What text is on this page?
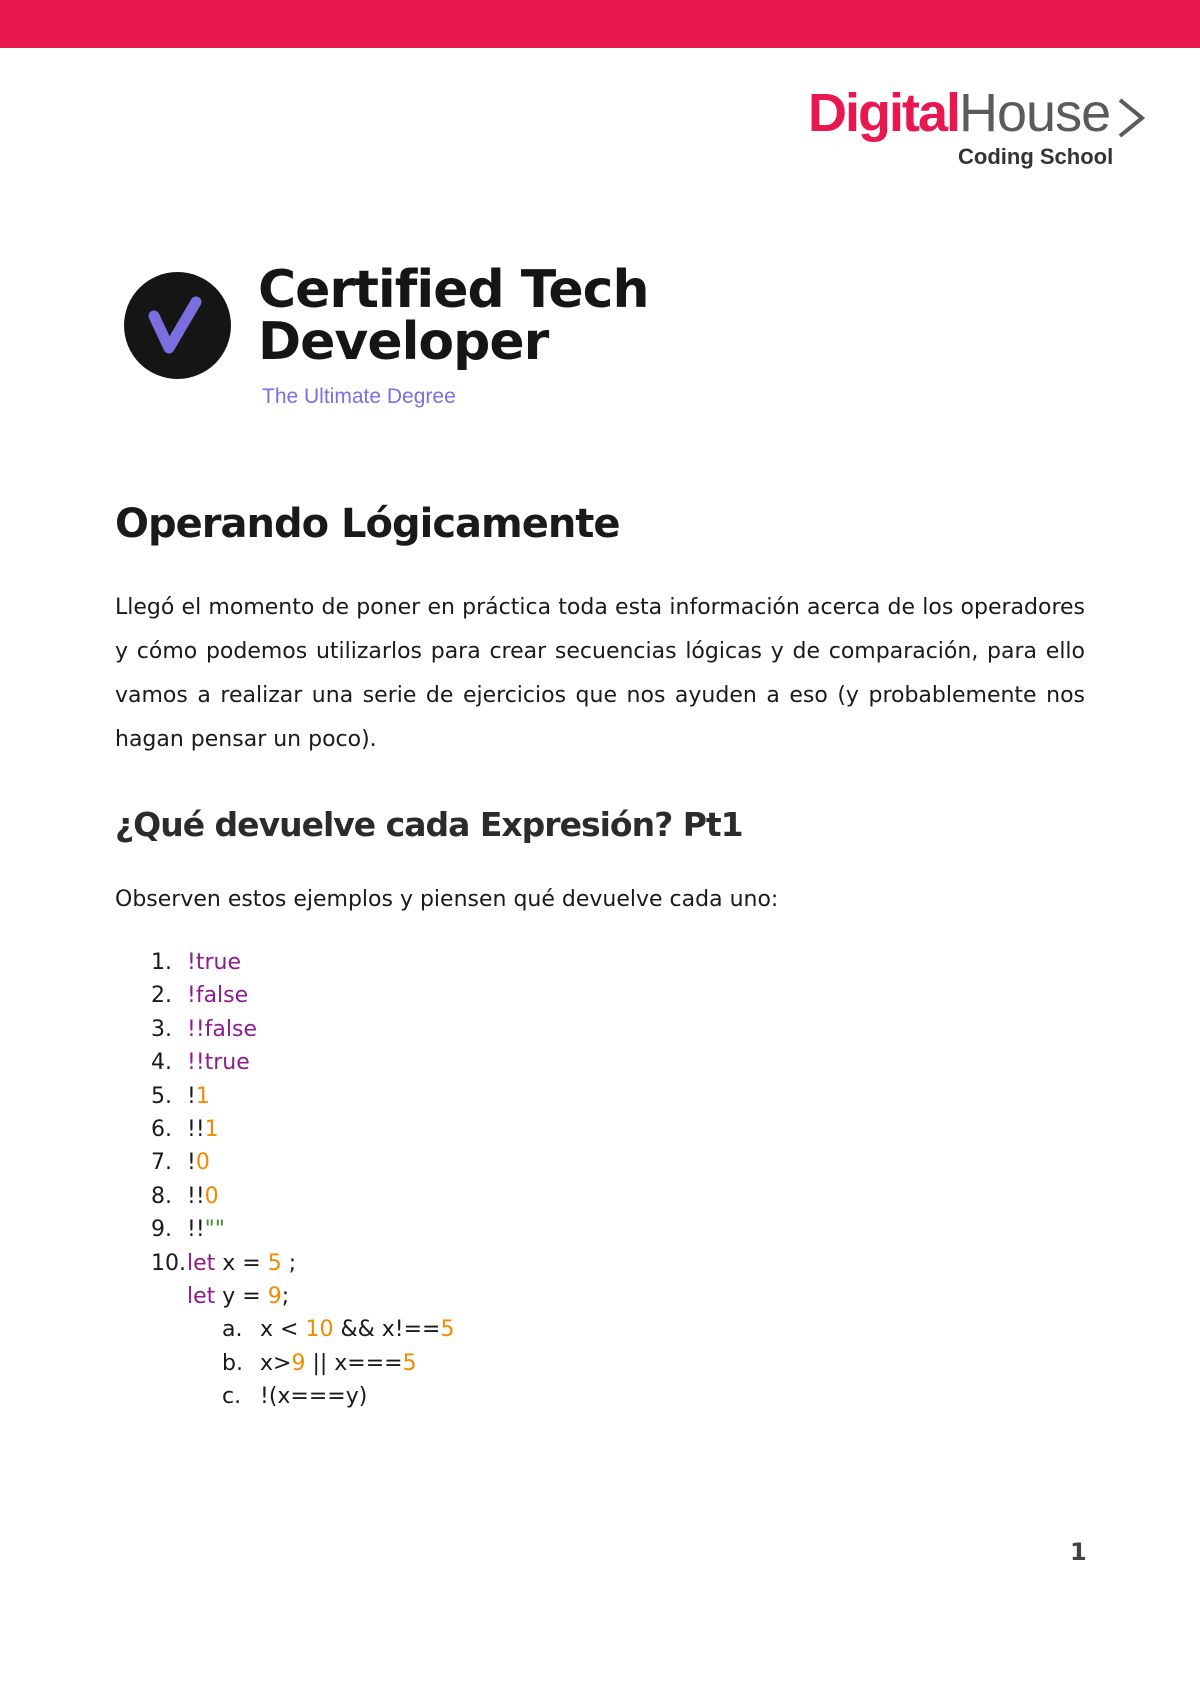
Digital House
Coding School
Certified Tech
Developer
The Ultimate Degree
Operando Lógicamente

Llegó el momento de poner en práctica toda esta información acerca de los operadores y cómo podemos utilizarlos para crear secuencias lógicas y de comparación, para ello vamos a realizar una serie de ejercicios que nos ayuden a eso (y probablemente nos hagan pensar un poco).

¿Qué devuelve cada Expresión? Pt1

Observen estos ejemplos y piensen qué devuelve cada uno:

1. !true
2. !false
3. !!false
4. !!true
5. !1
6. !!1
7. !0
8. !!0
9. !!""
10. let x = 5 ;
let y = 9;
a. x < 10 && x!==5
b. x>9 || x===5
c. !(x===y)
1
